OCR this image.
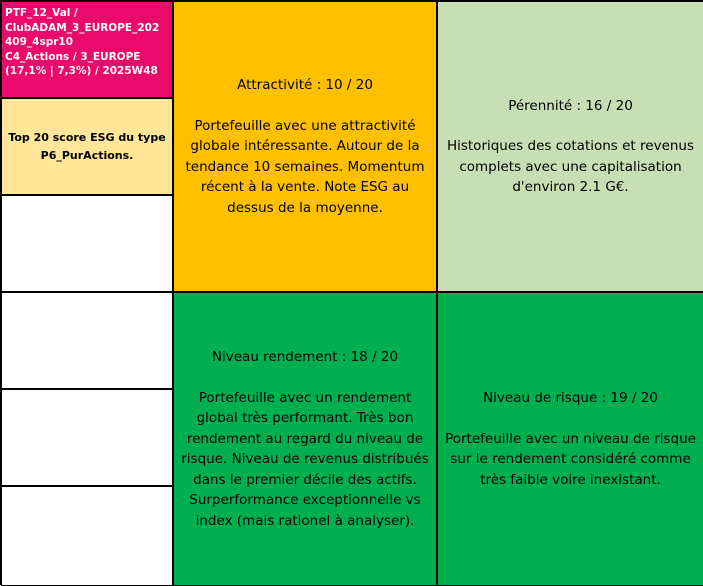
PTF_12_Val /
ClubADAM_3_EUROPE_202
409_4spr10
C4_Actions / 3_EUROPE
(17,1% | 7,3%) / 2025W48
Top 20 score ESG du type P6_PurActions.
Attractivité : 10 / 20
Portefeuille avec une attractivité globale intéressante. Autour de la tendance 10 semaines. Momentum récent à la vente. Note ESG au dessus de la moyenne.
Pérennité : 16 / 20
Historiques des cotations et revenus complets avec une capitalisation d'environ 2.1 G€.
Niveau rendement : 18 / 20
Portefeuille avec un rendement global très performant. Très bon rendement au regard du niveau de risque. Niveau de revenus distribués dans le premier décile des actifs. Surperformance exceptionnelle vs index (mais rationel à analyser).
Niveau de risque : 19 / 20
Portefeuille avec un niveau de risque sur le rendement considéré comme très faible voire inexistant.
